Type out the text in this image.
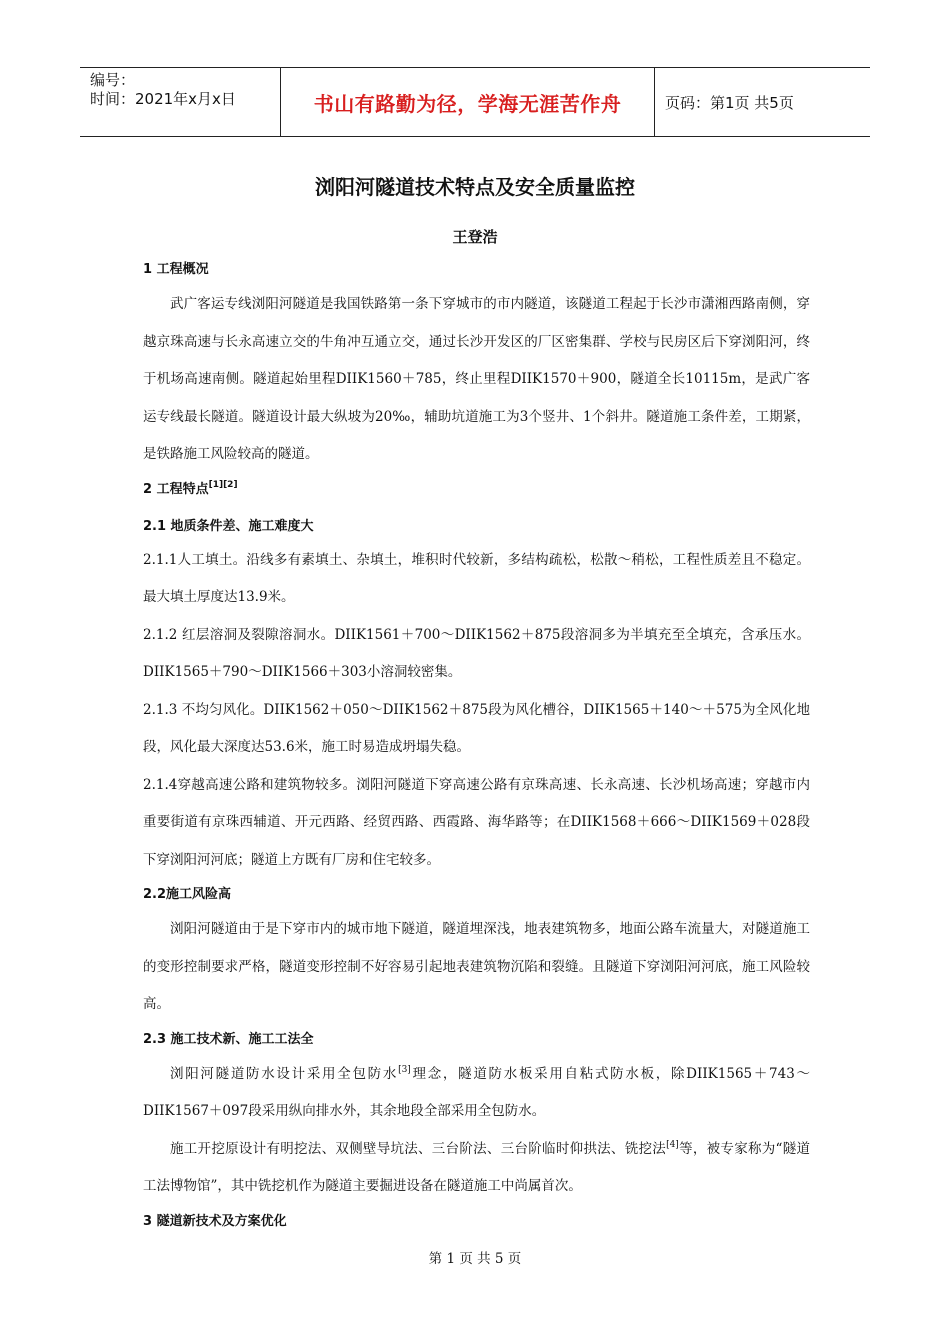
编号：
时间：2021年x月x日	书山有路勤为径，学海无涯苦作舟	页码：第1页 共5页
浏阳河隧道技术特点及安全质量监控
王登浩

1 工程概况

武广客运专线浏阳河隧道是我国铁路第一条下穿城市的市内隧道，该隧道工程起于长沙市潇湘西路南侧，穿越京珠高速与长永高速立交的牛角冲互通立交，通过长沙开发区的厂区密集群、学校与民房区后下穿浏阳河，终于机场高速南侧。隧道起始里程DIIK1560＋785，终止里程DIIK1570＋900，隧道全长10115m，是武广客运专线最长隧道。隧道设计最大纵坡为20‰，辅助坑道施工为3个竖井、1个斜井。隧道施工条件差，工期紧，是铁路施工风险较高的隧道。

2 工程特点[1][2]

2.1 地质条件差、施工难度大

2.1.1人工填土。沿线多有素填土、杂填土，堆积时代较新，多结构疏松，松散～稍松，工程性质差且不稳定。最大填土厚度达13.9米。

2.1.2 红层溶洞及裂隙溶洞水。DIIK1561＋700～DIIK1562＋875段溶洞多为半填充至全填充，含承压水。DIIK1565＋790～DIIK1566＋303小溶洞较密集。

2.1.3 不均匀风化。DIIK1562＋050～DIIK1562＋875段为风化槽谷，DIIK1565＋140～＋575为全风化地段，风化最大深度达53.6米，施工时易造成坍塌失稳。

2.1.4穿越高速公路和建筑物较多。浏阳河隧道下穿高速公路有京珠高速、长永高速、长沙机场高速；穿越市内重要街道有京珠西辅道、开元西路、经贸西路、西霞路、海华路等；在DIIK1568＋666～DIIK1569＋028段下穿浏阳河河底；隧道上方既有厂房和住宅较多。

2.2施工风险高

浏阳河隧道由于是下穿市内的城市地下隧道，隧道埋深浅，地表建筑物多，地面公路车流量大，对隧道施工的变形控制要求严格，隧道变形控制不好容易引起地表建筑物沉陷和裂缝。且隧道下穿浏阳河河底，施工风险较高。

2.3 施工技术新、施工工法全

浏阳河隧道防水设计采用全包防水[3]理念，隧道防水板采用自粘式防水板，除DIIK1565＋743～DIIK1567＋097段采用纵向排水外，其余地段全部采用全包防水。

施工开挖原设计有明挖法、双侧壁导坑法、三台阶法、三台阶临时仰拱法、铣挖法[4]等，被专家称为“隧道工法博物馆”，其中铣挖机作为隧道主要掘进设备在隧道施工中尚属首次。

3 隧道新技术及方案优化

第 1 页 共 5 页
